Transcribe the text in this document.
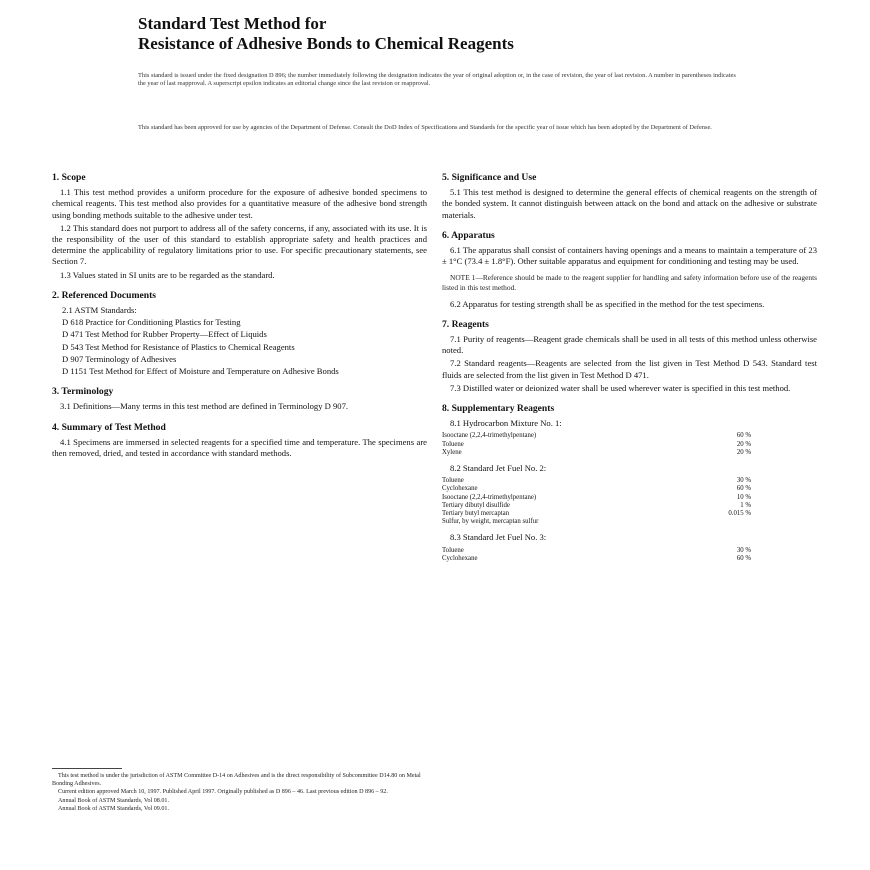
Standard Test Method for
Resistance of Adhesive Bonds to Chemical Reagents
This standard is issued under the fixed designation D 896; the number immediately following the designation indicates the year of original adoption or, in the case of revision, the year of last revision. A number in parentheses indicates the year of last reapproval. A superscript epsilon indicates an editorial change since the last revision or reapproval.
This standard has been approved for use by agencies of the Department of Defense. Consult the DoD Index of Specifications and Standards for the specific year of issue which has been adopted by the Department of Defense.
1. Scope
1.1 This test method provides a uniform procedure for the exposure of adhesive bonded specimens to chemical reagents. This test method also provides for a quantitative measure of the adhesive bond strength using bonding methods suitable to the adhesive under test.
1.2 This standard does not purport to address all of the safety concerns, if any, associated with its use. It is the responsibility of the user of this standard to establish appropriate safety and health practices and determine the applicability of regulatory limitations prior to use. For specific precautionary statements, see Section 7.
1.3 Values stated in SI units are to be regarded as the standard.
2. Referenced Documents
2.1 ASTM Standards:
D 618 Practice for Conditioning Plastics for Testing
D 471 Test Method for Rubber Property—Effect of Liquids
D 543 Test Method for Resistance of Plastics to Chemical Reagents
D 907 Terminology of Adhesives
D 1151 Test Method for Effect of Moisture and Temperature on Adhesive Bonds
3. Terminology
3.1 Definitions—Many terms in this test method are defined in Terminology D 907.
4. Summary of Test Method
4.1 Specimens are immersed in selected reagents for a specified time and temperature. The specimens are then removed, dried, and tested in accordance with standard methods.
This test method is under the jurisdiction of ASTM Committee D-14 on Adhesives and is the direct responsibility of Subcommittee D14.80 on Metal Bonding Adhesives.
Current edition approved March 10, 1997. Published April 1997. Originally published as D 896 – 46. Last previous edition D 896 – 92.
Annual Book of ASTM Standards, Vol 08.01.
Annual Book of ASTM Standards, Vol 09.01.
5. Significance and Use
5.1 This test method is designed to determine the general effects of chemical reagents on the strength of the bonded system. It cannot distinguish between attack on the bond and attack on the adhesive or substrate materials.
6. Apparatus
6.1 The apparatus shall consist of containers having openings and a means to maintain a temperature of 23 ± 1°C (73.4 ± 1.8°F). Other suitable apparatus and equipment for conditioning and testing may be used.
NOTE 1—Reference should be made to the reagent supplier for handling and safety information before use of the reagents listed in this test method.
6.2 Apparatus for testing strength shall be as specified in the method for the test specimens.
7. Reagents
7.1 Purity of reagents—Reagent grade chemicals shall be used in all tests of this method unless otherwise noted.
7.2 Standard reagents—Reagents are selected from the list given in Test Method D 543. Standard test fluids are selected from the list given in Test Method D 471.
7.3 Distilled water or deionized water shall be used wherever water is specified in this test method.
8. Supplementary Reagents
8.1 Hydrocarbon Mixture No. 1:
Isooctane (2,2,4-trimethylpentane)	60 %
Toluene	20 %
Xylene	20 %
8.2 Standard Jet Fuel No. 2:
Toluene	30 %
Cyclohexane	60 %
Isooctane (2,2,4-trimethylpentane)	10 %
Tertiary dibutyl disulfide	1 %
Tertiary butyl mercaptan	0.015 %
Sulfur, by weight, mercaptan sulfur
8.3 Standard Jet Fuel No. 3:
Toluene	30 %
Cyclohexane	60 %
